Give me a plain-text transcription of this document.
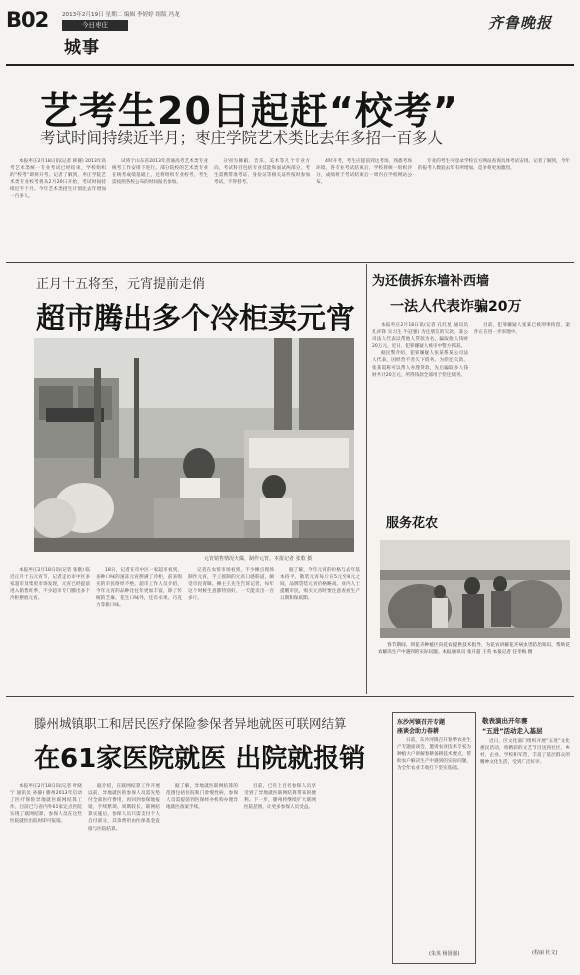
B02 2013年2月19日 星期二 编辑 李婷婷 组版 冯龙
今日枣庄
城事
齐鲁晚报
艺考生20日起赶“校考”
考试时间持续近半月；枣庄学院艺术类比去年多招一百多人
本报枣庄2月18日讯(记者 韩赛) 2013年高考艺术类统一专业考试已经结束，学校组织的“校考”即将开考。记者了解到，枣庄学院艺术类专业校考将从2月20日开始，考试时间持续近半个月。今年艺术类招生计划比去年增加一百多人。
试将于山东省2013年普通高考艺术类专业统考工作安排下进行。部分院校的艺术类专业在统考成绩基础上，还将组织专业校考，考生需按照各校公布的时间报名参加。
分别为舞蹈、音乐、美术等几个专业方向，考试科目包括专业技能和面试两部分，考生需携带准考证、身份证等相关证件按时参加考试，不得替考。
4时开考，考生应提前到达考场，熟悉考场环境。各专业考试结束后，学校将统一组织评分，成绩将于考试结束后一周内在学校网站公布。
专业的考生可登录学校官方网站查询具体考试安排。记者了解到，今年的报考人数较去年有所增加，竞争将更加激烈。
正月十五将至，元宵提前走俏
超市腾出多个冷柜卖元宵
元宵销售情况火爆，制作元宵。本报记者 张歌 摄
本报枣庄2月18日讯(记者 张歌) 临近正月十五元宵节，记者走访市中区多家超市及集贸市场发现，元宵已经提前进入销售旺季，不少超市专门腾出多个冷柜摆放元宵。
18日，记者在市中区一家超市看到，多种口味的速冻元宵摆满了冷柜，前来购买的市民络绎不绝。超市工作人员介绍，今年元宵的品种比往年更加丰富，除了传统的芝麻、花生口味外，还有水果、巧克力等新口味。
记者在农贸市场看到，不少摊点现场制作元宵，手工摇制的元宵口感筋道，颇受市民青睐。摊主王先生告诉记者，每年这个时候生意都特别好，一天能卖出一百多斤。
据了解，今年元宵的价格与去年基本持平，散装元宵每斤在5元至8元之间，品牌袋装元宵价格略高。业内人士提醒市民，购买元宵时要注意查看生产日期和保质期。
为还债拆东墙补西墙
一法人代表诈骗20万
本报枣庄2月18日讯(记者 孔红星 通讯员 孔祥锋 实习生 牛冠强) 为还朋友的欠款，某公司法人代表以帮他人贷款为名，骗取他人钱财20万元。近日，犯罪嫌疑人被市中警方抓获。
据民警介绍，犯罪嫌疑人张某系某公司法人代表，因经营不善欠下债务。为偿还欠款，张某谎称可以帮人办理贷款，先后骗取多人钱财共计20万元，所得钱款全部用于偿还债务。
目前，犯罪嫌疑人张某已被刑事拘留，案件正在进一步审理中。
服务花农
春节期间，到花卉种植区向花农提供技术指导，为花农讲解花卉病虫害防治知识，帮助花农解决生产中遇到的实际问题。本报通讯员 张开超 王英 本报记者 任冬梅 摄
滕州城镇职工和居民医疗保险参保者异地就医可联网结算
在61家医院就医 出院就报销
本报枣庄2月18日讯(记者 叶晓宁 通讯员 孙静) 滕州2013年启动了医疗保险异地就医联网结算工作，目前已与省内外61家定点医院实现了联网结算，参保人员在这些医院就医出院时即可报销。
据介绍，在联网结算工作开展以前，异地就医的参保人员需先垫付全部医疗费用，再回到参保地报销，手续繁琐、周期较长。联网结算实施后，参保人员只需支付个人自付部分，其余费用由医保基金直接与医院结算。
据了解，异地就医联网结算的范围包括住院和门诊慢性病，参保人员需提前到医保经办机构办理异地就医备案手续。
目前，已有上百名参保人员享受到了异地就医联网结算带来的便利。下一步，滕州将继续扩大联网医院范围，让更多参保人员受益。
东沙河镇召开专题
座谈会助力春耕
日前，东沙河镇召开春季农业生产专题座谈会，邀请农业技术专家为种植大户讲解春耕备耕技术要点，帮助农户解决生产中遇到的实际问题，为全年农业丰收打下坚实基础。
(朱英 杨国强)
敬表演出开年赛
“五进”活动走入基层
近日，区文化部门组织开展“五进”文化惠民活动，将精彩的文艺节目送到社区、乡村、企业、学校和军营，丰富了基层群众的精神文化生活，受到广泛好评。
(程丽 杜文)
